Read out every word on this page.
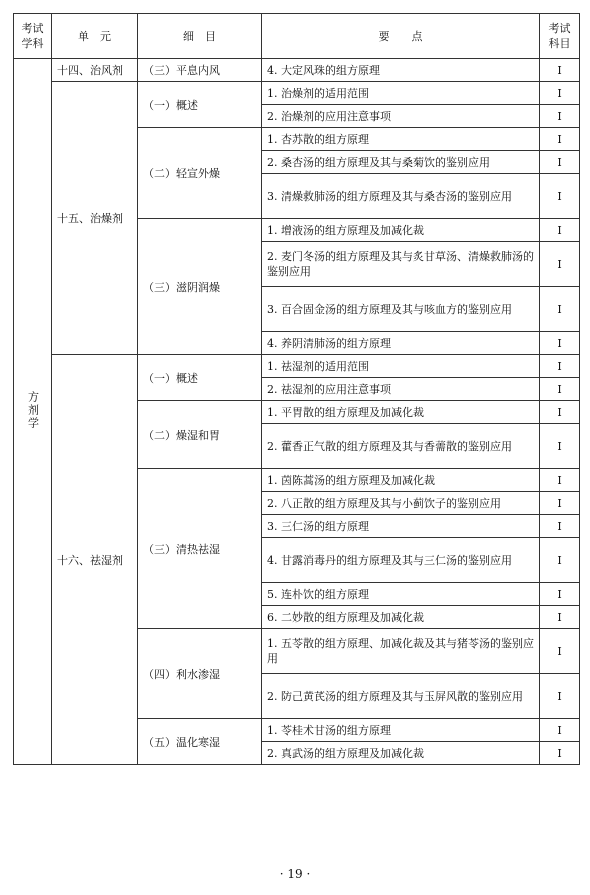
考试学科	单　元	细　目	要　　点	考试科目
方剂学	十四、治风剂	（三）平息内风	4. 大定风珠的组方原理	I
	十五、治燥剂	（一）概述	1. 治燥剂的适用范围	I
			2. 治燥剂的应用注意事项	I
		（二）轻宣外燥	1. 杏苏散的组方原理	I
			2. 桑杏汤的组方原理及其与桑菊饮的鉴别应用	I
			3. 清燥救肺汤的组方原理及其与桑杏汤的鉴别应用	I
		（三）滋阴润燥	1. 增液汤的组方原理及加减化裁	I
			2. 麦门冬汤的组方原理及其与炙甘草汤、清燥救肺汤的鉴别应用	I
			3. 百合固金汤的组方原理及其与咳血方的鉴别应用	I
			4. 养阴清肺汤的组方原理	I
	十六、祛湿剂	（一）概述	1. 祛湿剂的适用范围	I
			2. 祛湿剂的应用注意事项	I
		（二）燥湿和胃	1. 平胃散的组方原理及加减化裁	I
			2. 藿香正气散的组方原理及其与香薷散的鉴别应用	I
		（三）清热祛湿	1. 茵陈蒿汤的组方原理及加减化裁	I
			2. 八正散的组方原理及其与小蓟饮子的鉴别应用	I
			3. 三仁汤的组方原理	I
			4. 甘露消毒丹的组方原理及其与三仁汤的鉴别应用	I
			5. 连朴饮的组方原理	I
			6. 二妙散的组方原理及加减化裁	I
		（四）利水渗湿	1. 五苓散的组方原理、加减化裁及其与猪苓汤的鉴别应用	I
			2. 防己黄芪汤的组方原理及其与玉屏风散的鉴别应用	I
		（五）温化寒湿	1. 苓桂术甘汤的组方原理	I
			2. 真武汤的组方原理及加减化裁	I
· 19 ·
